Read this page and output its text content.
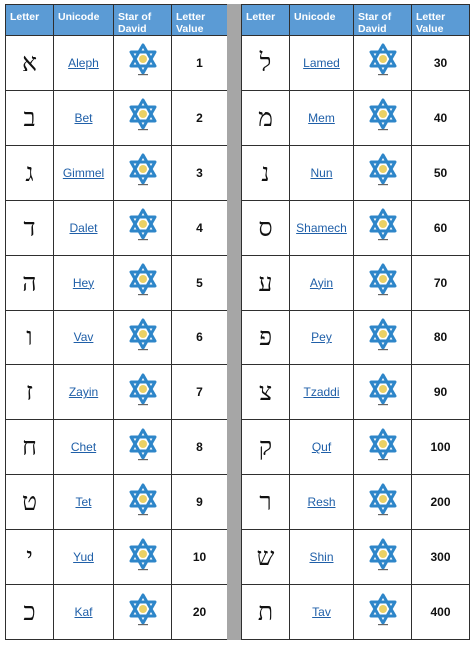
Letter	Unicode	Star of David	Letter Value
א	Aleph		1
ב	Bet		2
ג	Gimmel		3
ד	Dalet		4
ה	Hey		5
ו	Vav		6
ז	Zayin		7
ח	Chet		8
ט	Tet		9
י	Yud		10
כ	Kaf		20
Letter	Unicode	Star of David	Letter Value
ל	Lamed		30
מ	Mem		40
נ	Nun		50
ס	Shamech		60
ע	Ayin		70
פ	Pey		80
צ	Tzaddi		90
ק	Quf		100
ר	Resh		200
ש	Shin		300
ת	Tav		400
